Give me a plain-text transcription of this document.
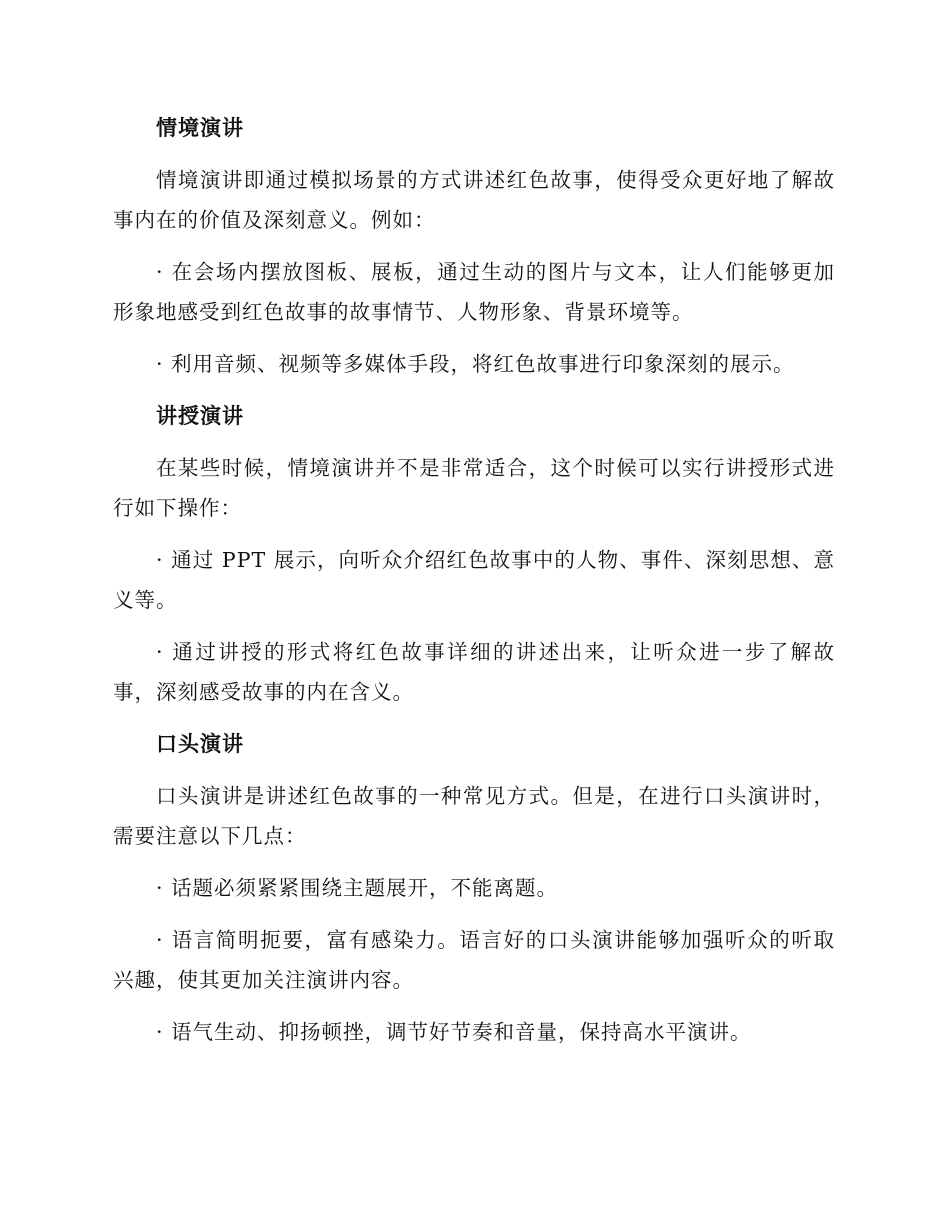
情境演讲

情境演讲即通过模拟场景的方式讲述红色故事，使得受众更好地了解故事内在的价值及深刻意义。例如：

· 在会场内摆放图板、展板，通过生动的图片与文本，让人们能够更加形象地感受到红色故事的故事情节、人物形象、背景环境等。

· 利用音频、视频等多媒体手段，将红色故事进行印象深刻的展示。

讲授演讲

在某些时候，情境演讲并不是非常适合，这个时候可以实行讲授形式进行如下操作：

· 通过 PPT 展示，向听众介绍红色故事中的人物、事件、深刻思想、意义等。

· 通过讲授的形式将红色故事详细的讲述出来，让听众进一步了解故事，深刻感受故事的内在含义。

口头演讲

口头演讲是讲述红色故事的一种常见方式。但是，在进行口头演讲时，需要注意以下几点：

· 话题必须紧紧围绕主题展开，不能离题。

· 语言简明扼要，富有感染力。语言好的口头演讲能够加强听众的听取兴趣，使其更加关注演讲内容。

· 语气生动、抑扬顿挫，调节好节奏和音量，保持高水平演讲。
